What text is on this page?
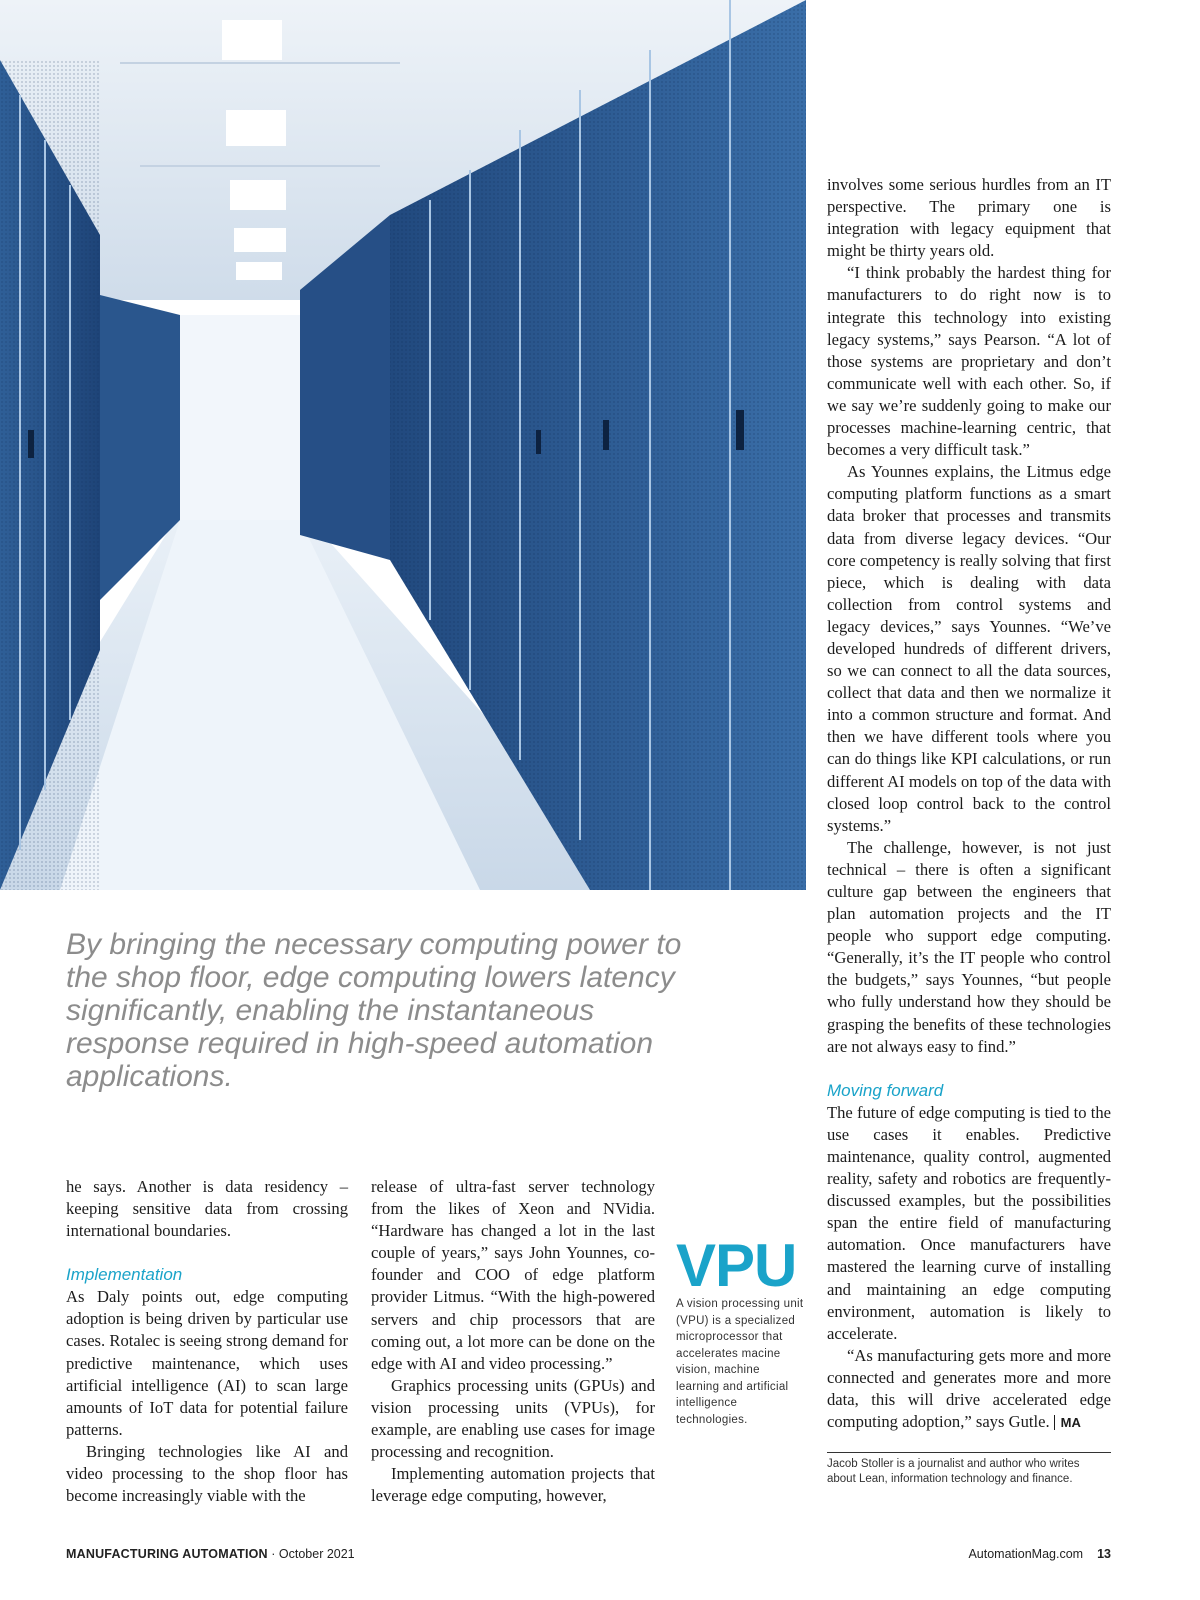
By bringing the necessary computing power to the shop floor, edge computing lowers latency significantly, enabling the instantaneous response required in high-speed automation applications.

he says. Another is data residency – keeping sensitive data from crossing international boundaries.

Implementation

As Daly points out, edge computing adoption is being driven by particular use cases. Rotalec is seeing strong demand for predictive maintenance, which uses artificial intelligence (AI) to scan large amounts of IoT data for potential failure patterns.

Bringing technologies like AI and video processing to the shop floor has become increasingly viable with the

release of ultra-fast server technology from the likes of Xeon and NVidia. “Hardware has changed a lot in the last couple of years,” says John Younnes, co-founder and COO of edge platform provider Litmus. “With the high-powered servers and chip processors that are coming out, a lot more can be done on the edge with AI and video processing.”

Graphics processing units (GPUs) and vision processing units (VPUs), for example, are enabling use cases for image processing and recognition.

Implementing automation projects that leverage edge computing, however,

VPU
A vision processing unit (VPU) is a specialized microprocessor that accelerates macine vision, machine learning and artificial intelligence technologies.

involves some serious hurdles from an IT perspective. The primary one is integration with legacy equipment that might be thirty years old.

“I think probably the hardest thing for manufacturers to do right now is to integrate this technology into existing legacy systems,” says Pearson. “A lot of those systems are proprietary and don’t communicate well with each other. So, if we say we’re suddenly going to make our processes machine-learning centric, that becomes a very difficult task.”

As Younnes explains, the Litmus edge computing platform functions as a smart data broker that processes and transmits data from diverse legacy devices. “Our core competency is really solving that first piece, which is dealing with data collection from control systems and legacy devices,” says Younnes. “We’ve developed hundreds of different drivers, so we can connect to all the data sources, collect that data and then we normalize it into a common structure and format. And then we have different tools where you can do things like KPI calculations, or run different AI models on top of the data with closed loop control back to the control systems.”

The challenge, however, is not just technical – there is often a significant culture gap between the engineers that plan automation projects and the IT people who support edge computing. “Generally, it’s the IT people who control the budgets,” says Younnes, “but people who fully understand how they should be grasping the benefits of these technologies are not always easy to find.”

Moving forward

The future of edge computing is tied to the use cases it enables. Predictive maintenance, quality control, augmented reality, safety and robotics are frequently-discussed examples, but the possibilities span the entire field of manufacturing automation. Once manufacturers have mastered the learning curve of installing and maintaining an edge computing environment, automation is likely to accelerate.

“As manufacturing gets more and more connected and generates more and more data, this will drive accelerated edge computing adoption,” says Gutle. MA

Jacob Stoller is a journalist and author who writes about Lean, information technology and finance.
MANUFACTURING AUTOMATION · October 2021	AutomationMag.com 13
